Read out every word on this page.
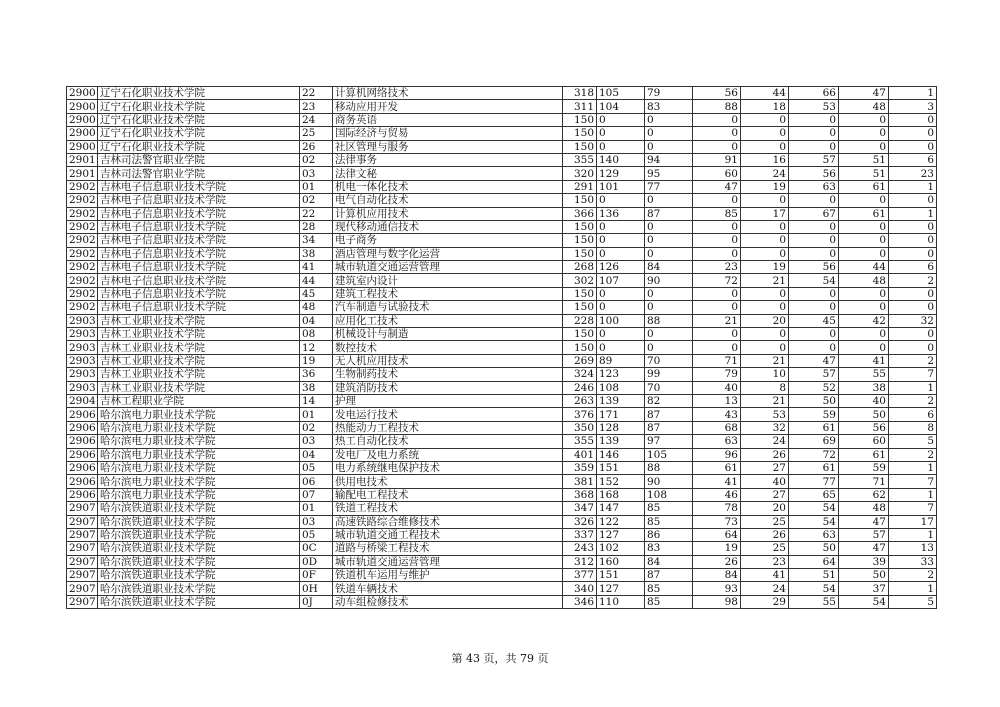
2900	辽宁石化职业技术学院	22	计算机网络技术	318	105	79	56	44	66	47	1
2900	辽宁石化职业技术学院	23	移动应用开发	311	104	83	88	18	53	48	3
2900	辽宁石化职业技术学院	24	商务英语	150	0	0	0	0	0	0	0
2900	辽宁石化职业技术学院	25	国际经济与贸易	150	0	0	0	0	0	0	0
2900	辽宁石化职业技术学院	26	社区管理与服务	150	0	0	0	0	0	0	0
2901	吉林司法警官职业学院	02	法律事务	355	140	94	91	16	57	51	6
2901	吉林司法警官职业学院	03	法律文秘	320	129	95	60	24	56	51	23
2902	吉林电子信息职业技术学院	01	机电一体化技术	291	101	77	47	19	63	61	1
2902	吉林电子信息职业技术学院	02	电气自动化技术	150	0	0	0	0	0	0	0
2902	吉林电子信息职业技术学院	22	计算机应用技术	366	136	87	85	17	67	61	1
2902	吉林电子信息职业技术学院	28	现代移动通信技术	150	0	0	0	0	0	0	0
2902	吉林电子信息职业技术学院	34	电子商务	150	0	0	0	0	0	0	0
2902	吉林电子信息职业技术学院	38	酒店管理与数字化运营	150	0	0	0	0	0	0	0
2902	吉林电子信息职业技术学院	41	城市轨道交通运营管理	268	126	84	23	19	56	44	6
2902	吉林电子信息职业技术学院	44	建筑室内设计	302	107	90	72	21	54	48	2
2902	吉林电子信息职业技术学院	45	建筑工程技术	150	0	0	0	0	0	0	0
2902	吉林电子信息职业技术学院	48	汽车制造与试验技术	150	0	0	0	0	0	0	0
2903	吉林工业职业技术学院	04	应用化工技术	228	100	88	21	20	45	42	32
2903	吉林工业职业技术学院	08	机械设计与制造	150	0	0	0	0	0	0	0
2903	吉林工业职业技术学院	12	数控技术	150	0	0	0	0	0	0	0
2903	吉林工业职业技术学院	19	无人机应用技术	269	89	70	71	21	47	41	2
2903	吉林工业职业技术学院	36	生物制药技术	324	123	99	79	10	57	55	7
2903	吉林工业职业技术学院	38	建筑消防技术	246	108	70	40	8	52	38	1
2904	吉林工程职业学院	14	护理	263	139	82	13	21	50	40	2
2906	哈尔滨电力职业技术学院	01	发电运行技术	376	171	87	43	53	59	50	6
2906	哈尔滨电力职业技术学院	02	热能动力工程技术	350	128	87	68	32	61	56	8
2906	哈尔滨电力职业技术学院	03	热工自动化技术	355	139	97	63	24	69	60	5
2906	哈尔滨电力职业技术学院	04	发电厂及电力系统	401	146	105	96	26	72	61	2
2906	哈尔滨电力职业技术学院	05	电力系统继电保护技术	359	151	88	61	27	61	59	1
2906	哈尔滨电力职业技术学院	06	供用电技术	381	152	90	41	40	77	71	7
2906	哈尔滨电力职业技术学院	07	输配电工程技术	368	168	108	46	27	65	62	1
2907	哈尔滨铁道职业技术学院	01	铁道工程技术	347	147	85	78	20	54	48	7
2907	哈尔滨铁道职业技术学院	03	高速铁路综合维修技术	326	122	85	73	25	54	47	17
2907	哈尔滨铁道职业技术学院	05	城市轨道交通工程技术	337	127	86	64	26	63	57	1
2907	哈尔滨铁道职业技术学院	0C	道路与桥梁工程技术	243	102	83	19	25	50	47	13
2907	哈尔滨铁道职业技术学院	0D	城市轨道交通运营管理	312	160	84	26	23	64	39	33
2907	哈尔滨铁道职业技术学院	0F	铁道机车运用与维护	377	151	87	84	41	51	50	2
2907	哈尔滨铁道职业技术学院	0H	铁道车辆技术	340	127	85	93	24	54	37	1
2907	哈尔滨铁道职业技术学院	0J	动车组检修技术	346	110	85	98	29	55	54	5
第 43 页，共 79 页
